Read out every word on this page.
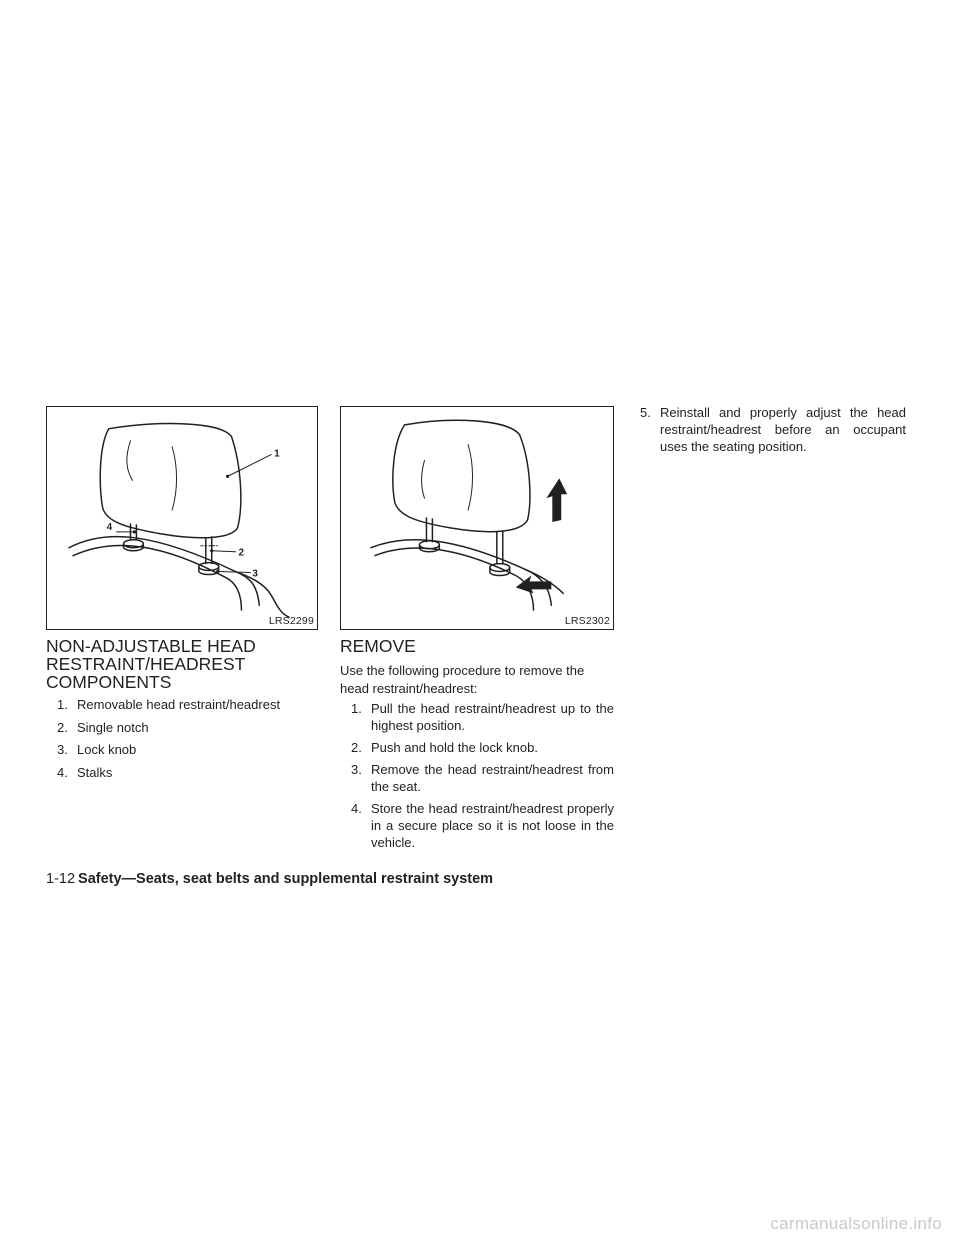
1
2
3
4
LRS2299	LRS2302
NON-ADJUSTABLE HEAD
RESTRAINT/HEADREST
COMPONENTS
1. Removable head restraint/headrest
2. Single notch
3. Lock knob
4. Stalks
REMOVE

Use the following procedure to remove the head restraint/headrest:

1. Pull the head restraint/headrest up to the highest position.
2. Push and hold the lock knob.
3. Remove the head restraint/headrest from the seat.
4. Store the head restraint/headrest properly in a secure place so it is not loose in the vehicle.
5. Reinstall and properly adjust the head restraint/headrest before an occupant uses the seating position.
1-12 Safety—Seats, seat belts and supplemental restraint system
carmanualsonline.info
